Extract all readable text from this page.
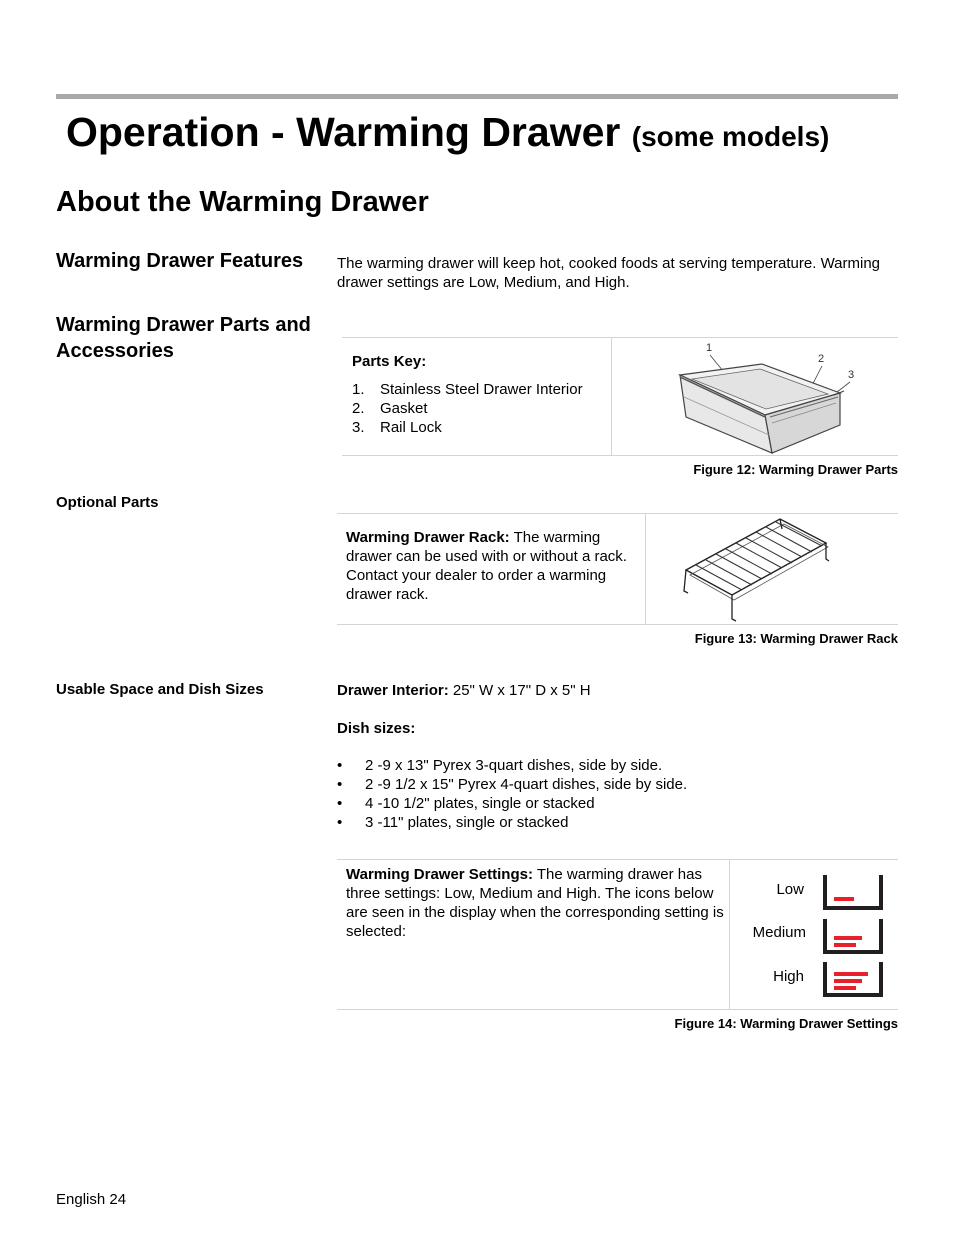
Operation - Warming Drawer (some models)
About the Warming Drawer
Warming Drawer Features The warming drawer will keep hot, cooked foods at serving temperature. Warming drawer settings are Low, Medium, and High.
Warming Drawer Parts and Accessories	Parts Key:
1. Stainless Steel Drawer Interior
2. Gasket
3. Rail Lock
1
2
3
Figure 12: Warming Drawer Parts
Optional Parts
Warming Drawer Rack: The warming drawer can be used with or without a rack. Contact your dealer to order a warming drawer rack.
Figure 13: Warming Drawer Rack
Usable Space and Dish Sizes	Drawer Interior: 25" W x 17" D x 5" H
Dish sizes:
• 2 -9 x 13" Pyrex 3-quart dishes, side by side.
• 2 -9 1/2 x 15" Pyrex 4-quart dishes, side by side.
• 4 -10 1/2" plates, single or stacked
• 3 -11" plates, single or stacked
Warming Drawer Settings: The warming drawer has three settings: Low, Medium and High. The icons below are seen in the display when the corresponding setting is selected:
Low
Medium
High
Figure 14: Warming Drawer Settings
English 24
